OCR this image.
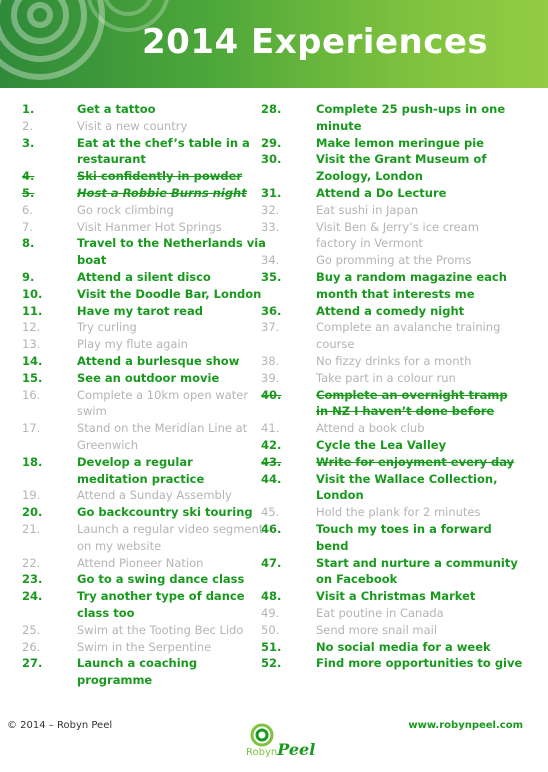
2014 Experiences
1.	Get a tattoo
2.	Visit a new country
3.	Eat at the chef’s table in a restaurant
4.	Ski confidently in powder
5.	Host a Robbie Burns night
6.	Go rock climbing
7.	Visit Hanmer Hot Springs
8.	Travel to the Netherlands via boat
9.	Attend a silent disco
10.	Visit the Doodle Bar, London
11.	Have my tarot read
12.	Try curling
13.	Play my flute again
14.	Attend a burlesque show
15.	See an outdoor movie
16.	Complete a 10km open water swim
17.	Stand on the Meridian Line at Greenwich
18.	Develop a regular meditation practice
19.	Attend a Sunday Assembly
20.	Go backcountry ski touring
21.	Launch a regular video segment on my website
22.	Attend Pioneer Nation
23.	Go to a swing dance class
24.	Try another type of dance class too
25.	Swim at the Tooting Bec Lido
26.	Swim in the Serpentine
27.	Launch a coaching programme
28.	Complete 25 push-ups in one minute
29.	Make lemon meringue pie
30.	Visit the Grant Museum of Zoology, London
31.	Attend a Do Lecture
32.	Eat sushi in Japan
33.	Visit Ben & Jerry’s ice cream factory in Vermont
34.	Go promming at the Proms
35.	Buy a random magazine each month that interests me
36.	Attend a comedy night
37.	Complete an avalanche training course
38.	No fizzy drinks for a month
39.	Take part in a colour run
40.	Complete an overnight tramp in NZ I haven’t done before
41.	Attend a book club
42.	Cycle the Lea Valley
43.	Write for enjoyment every day
44.	Visit the Wallace Collection, London
45.	Hold the plank for 2 minutes
46.	Touch my toes in a forward bend
47.	Start and nurture a community on Facebook
48.	Visit a Christmas Market
49.	Eat poutine in Canada
50.	Send more snail mail
51.	No social media for a week
52.	Find more opportunities to give
© 2014 – Robyn Peel
RobynPeel
www.robynpeel.com
